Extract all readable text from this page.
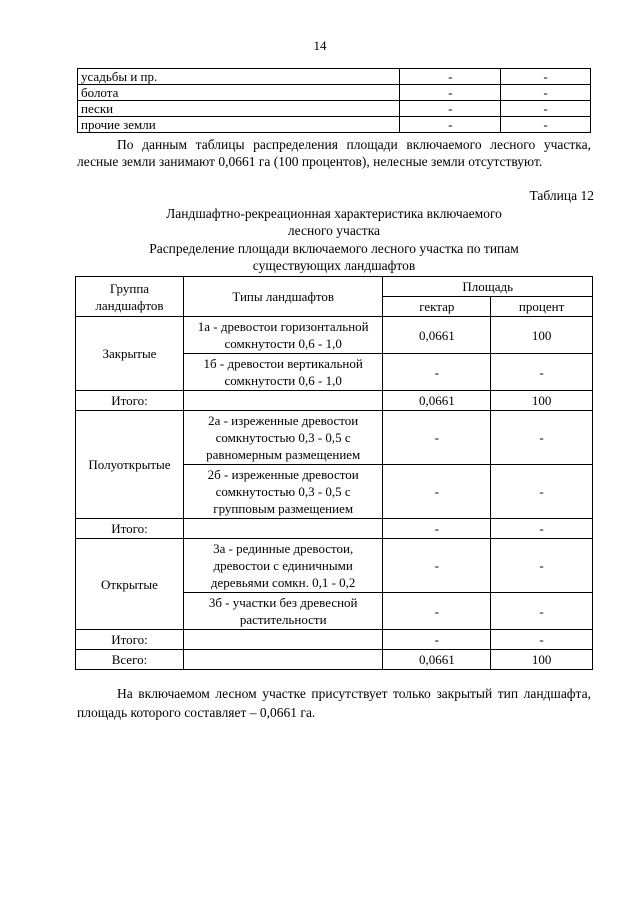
14
усадьбы и пр.	-	-
болота	-	-
пески	-	-
прочие земли	-	-
По данным таблицы распределения площади включаемого лесного участка, лесные земли занимают 0,0661 га (100 процентов), нелесные земли отсутствуют.
Таблица 12
Ландшафтно-рекреационная характеристика включаемого
лесного участка
Распределение площади включаемого лесного участка по типам
существующих ландшафтов
Группа ландшафтов	Типы ландшафтов	Площадь	
		гектар	процент
Закрытые	1а - древостои горизонтальной сомкнутости 0,6 - 1,0	0,0661	100
	1б - древостои вертикальной сомкнутости 0,6 - 1,0	-	-
Итого:		0,0661	100
Полуоткрытые	2а - изреженные древостои сомкнутостью 0,3 - 0,5 с равномерным размещением	-	-
	2б - изреженные древостои сомкнутостью 0,3 - 0,5 с групповым размещением	-	-
Итого:		-	-
Открытые	3а - рединные древостои, древостои с единичными деревьями сомкн. 0,1 - 0,2	-	-
	3б - участки без древесной растительности	-	-
Итого:		-	-
Всего:		0,0661	100
На включаемом лесном участке присутствует только закрытый тип ландшафта, площадь которого составляет – 0,0661 га.
